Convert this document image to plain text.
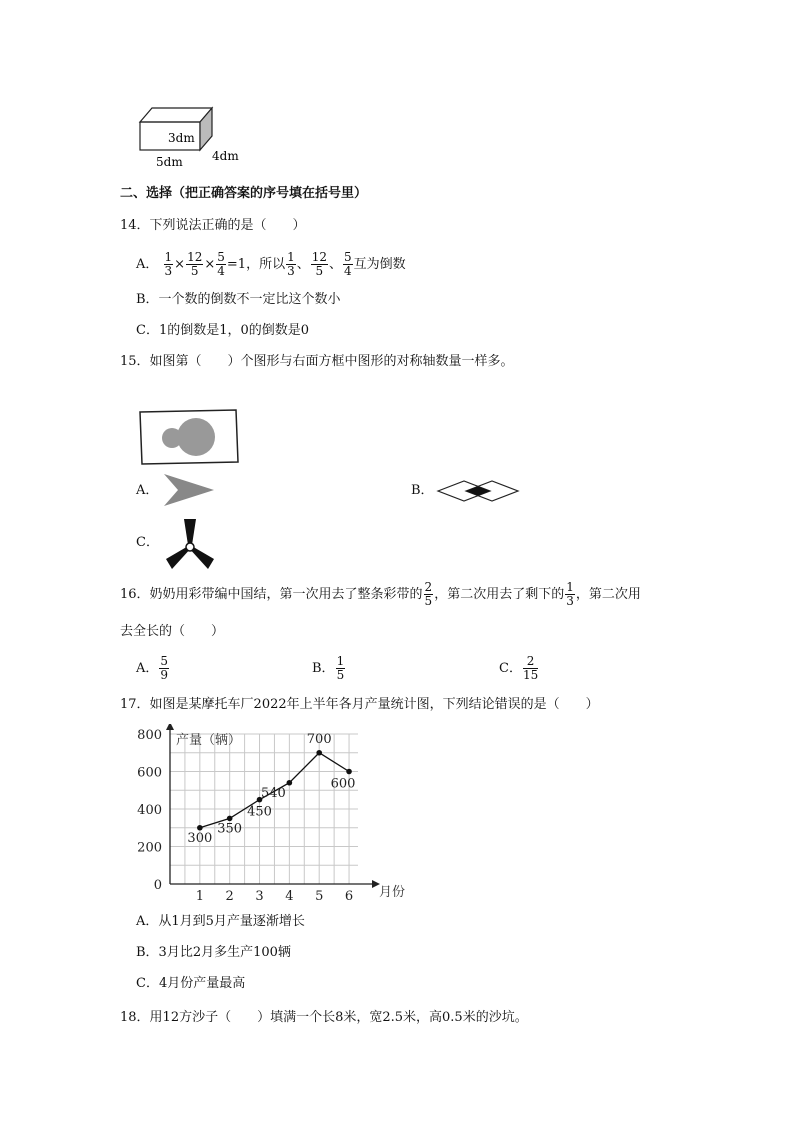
3dm
5dm 4dm
二、选择（把正确答案的序号填在括号里）
14．下列说法正确的是（　　）
A． $\frac{1}{3} \times \frac{12}{5} \times \frac{5}{4} =1$，所以 $\frac{1}{3}$ 、 $\frac{12}{5}$ 、 $\frac{5}{4}$ 互为倒数
B．一个数的倒数不一定比这个数小
C．1的倒数是1，0的倒数是0
15．如图第（　　）个图形与右面方框中图形的对称轴数量一样多。
A．	B．
C．
16．奶奶用彩带编中国结，第一次用去了整条彩带的 $\frac{2}{5}$ ，第二次用去了剩下的 $\frac{1}{3}$ ，第二次用
去全长的（　　）
A． $\frac{5}{9}$	B． $\frac{1}{5}$	C． $\frac{2}{15}$
17．如图是某摩托车厂2022年上半年各月产量统计图，下列结论错误的是（　　）
0
200
400
600
800
1 2 3 4 5 6
300
350
450
540
700
600
产量（辆）
月份
A．从1月到5月产量逐渐增长
B．3月比2月多生产100辆
C．4月份产量最高
18．用12方沙子（　　）填满一个长8米，宽2.5米，高0.5米的沙坑。
